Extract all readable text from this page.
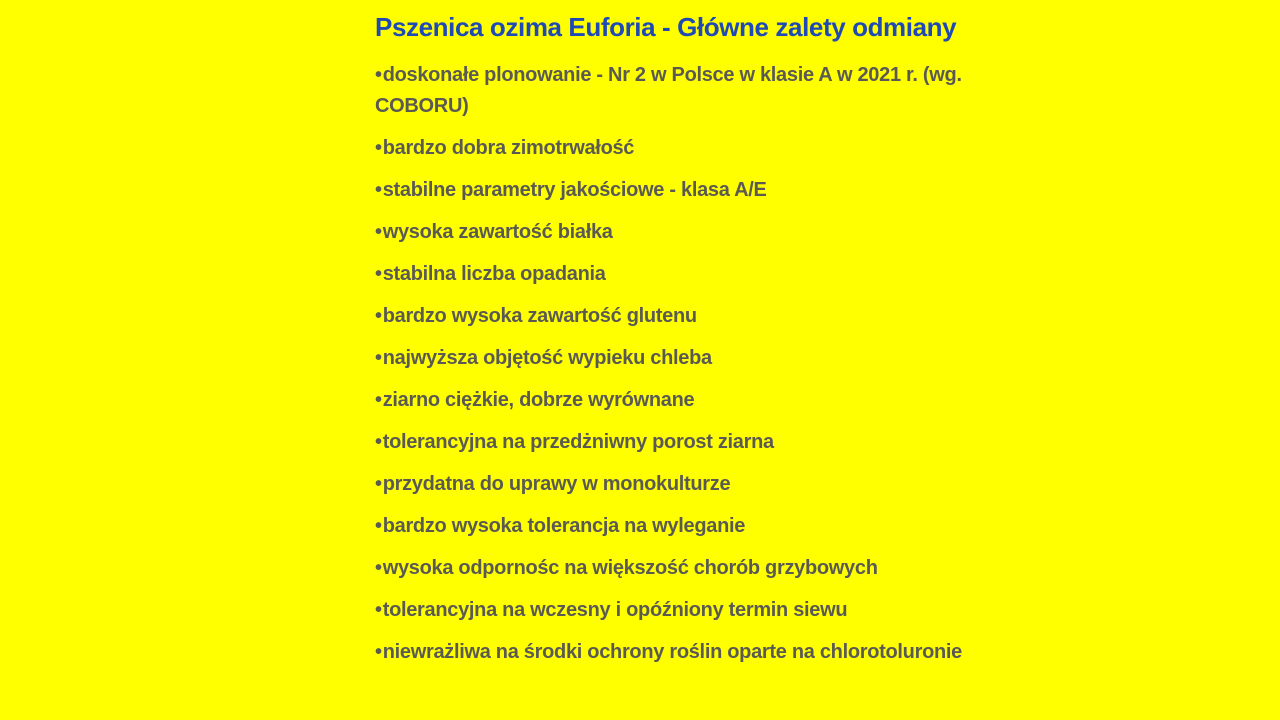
Pszenica ozima Euforia - Główne zalety odmiany
•doskonałe plonowanie - Nr 2 w Polsce w klasie A w 2021 r. (wg. COBORU)
•bardzo dobra zimotrwałość
•stabilne parametry jakościowe - klasa A/E
•wysoka zawartość białka
•stabilna liczba opadania
•bardzo wysoka zawartość glutenu
•najwyższa objętość wypieku chleba
•ziarno ciężkie, dobrze wyrównane
•tolerancyjna na przedżniwny porost ziarna
•przydatna do uprawy w monokulturze
•bardzo wysoka tolerancja na wyleganie
•wysoka odpornośc na większość chorób grzybowych
•tolerancyjna na wczesny i opóźniony termin siewu
•niewrażliwa na środki ochrony roślin oparte na chlorotoluronie
